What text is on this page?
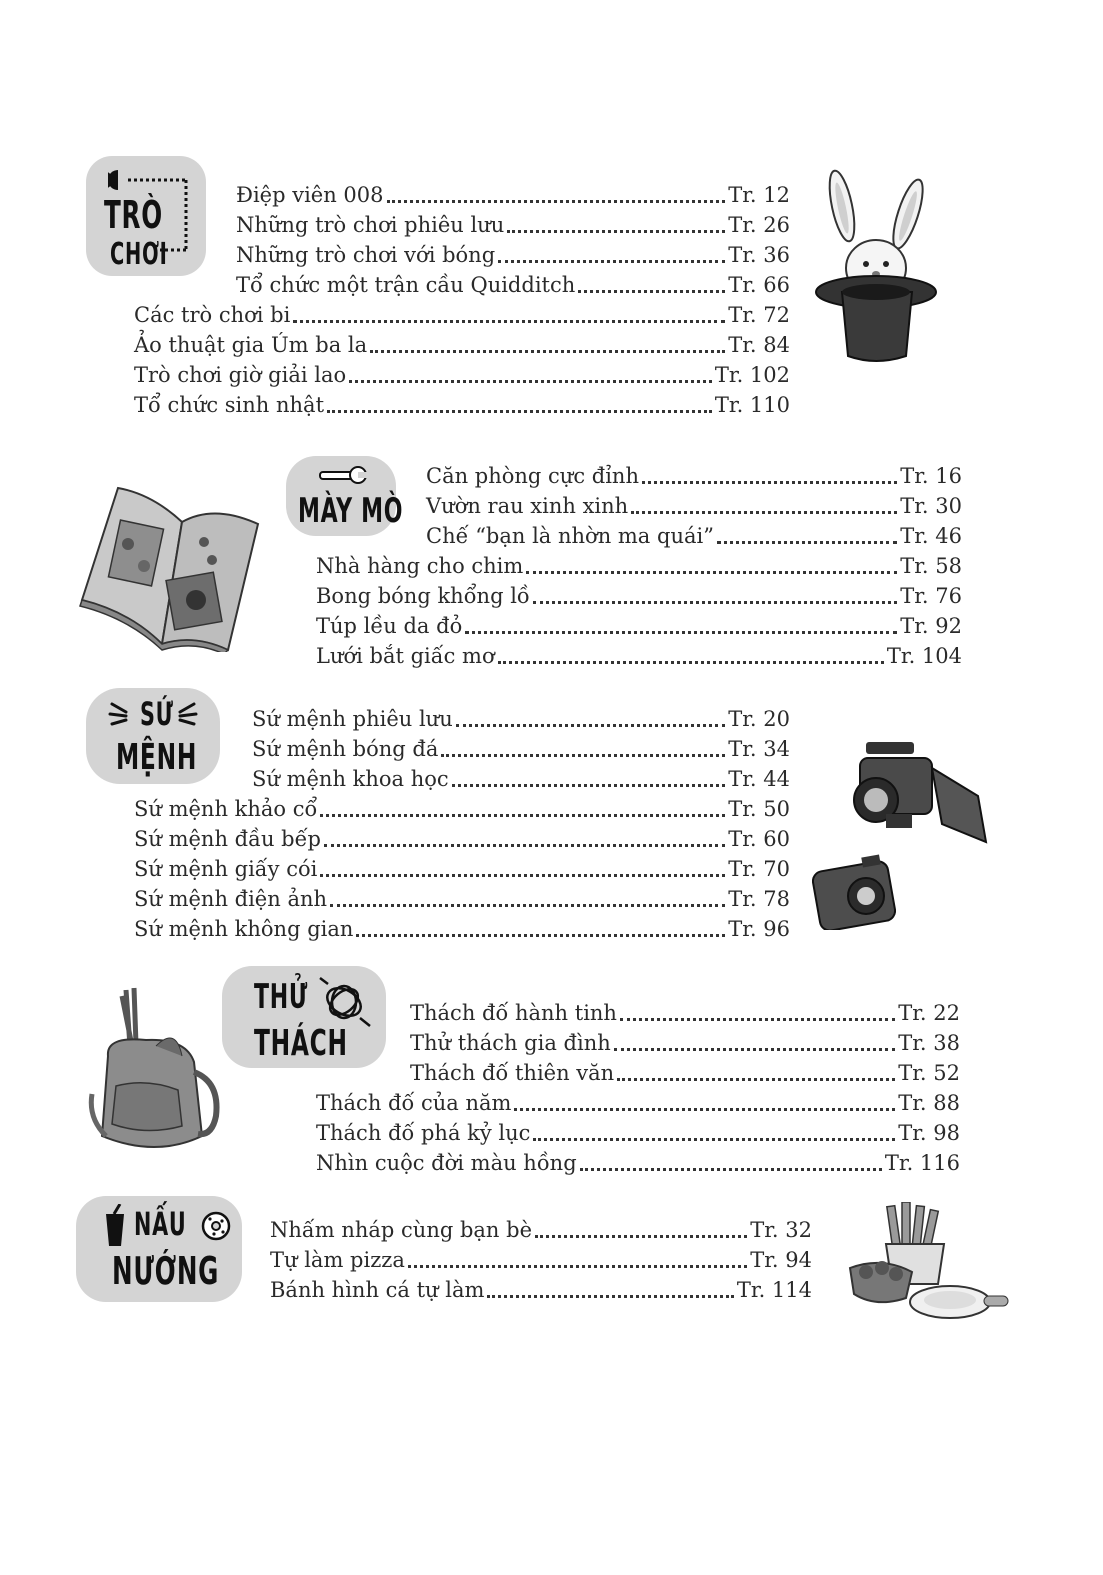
TRÒ
CHƠI
Điệp viên 008	Tr. 12
Những trò chơi phiêu lưu	Tr. 26
Những trò chơi với bóng	Tr. 36
Tổ chức một trận cầu Quidditch	Tr. 66
Các trò chơi bi	Tr. 72
Ảo thuật gia Úm ba la	Tr. 84
Trò chơi giờ giải lao	Tr. 102
Tổ chức sinh nhật	Tr. 110
MÀY MÒ
Căn phòng cực đỉnh	Tr. 16
Vườn rau xinh xinh	Tr. 30
Chế “bạn là nhờn ma quái”	Tr. 46
Nhà hàng cho chim	Tr. 58
Bong bóng khổng lồ	Tr. 76
Túp lều da đỏ	Tr. 92
Lưới bắt giấc mơ	Tr. 104
SỨ
MỆNH
Sứ mệnh phiêu lưu	Tr. 20
Sứ mệnh bóng đá	Tr. 34
Sứ mệnh khoa học	Tr. 44
Sứ mệnh khảo cổ	Tr. 50
Sứ mệnh đầu bếp	Tr. 60
Sứ mệnh giấy cói	Tr. 70
Sứ mệnh điện ảnh	Tr. 78
Sứ mệnh không gian	Tr. 96
THỬ
THÁCH
Thách đố hành tinh	Tr. 22
Thử thách gia đình	Tr. 38
Thách đố thiên văn	Tr. 52
Thách đố của năm	Tr. 88
Thách đố phá kỷ lục	Tr. 98
Nhìn cuộc đời màu hồng	Tr. 116
NẤU
NƯỚNG
Nhấm nháp cùng bạn bè	Tr. 32
Tự làm pizza	Tr. 94
Bánh hình cá tự làm	Tr. 114
